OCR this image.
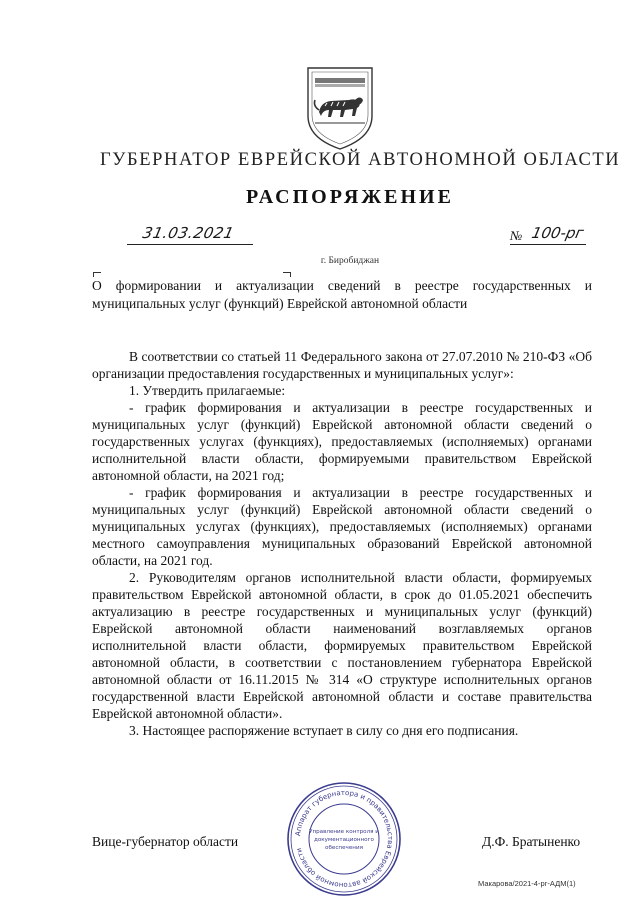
ГУБЕРНАТОР ЕВРЕЙСКОЙ АВТОНОМНОЙ ОБЛАСТИ
РАСПОРЯЖЕНИЕ
31.03.2021	№ 100-рг
г. Биробиджан
О формировании и актуализации сведений в реестре государственных и муниципальных услуг (функций) Еврейской автономной области

В соответствии со статьей 11 Федерального закона от 27.07.2010 № 210-ФЗ «Об организации предоставления государственных и муниципальных услуг»:

1. Утвердить прилагаемые:

- график формирования и актуализации в реестре государственных и муниципальных услуг (функций) Еврейской автономной области сведений о государственных услугах (функциях), предоставляемых (исполняемых) органами исполнительной власти области, формируемыми правительством Еврейской автономной области, на 2021 год;

- график формирования и актуализации в реестре государственных и муниципальных услуг (функций) Еврейской автономной области сведений о муниципальных услугах (функциях), предоставляемых (исполняемых) органами местного самоуправления муниципальных образований Еврейской автономной области, на 2021 год.

2. Руководителям органов исполнительной власти области, формируемых правительством Еврейской автономной области, в срок до 01.05.2021 обеспечить актуализацию в реестре государственных и муниципальных услуг (функций) Еврейской автономной области наименований возглавляемых органов исполнительной власти области, формируемых правительством Еврейской автономной области, в соответствии с постановлением губернатора Еврейской автономной области от 16.11.2015 № 314 «О структуре исполнительных органов государственной власти Еврейской автономной области и составе правительства Еврейской автономной области».

3. Настоящее распоряжение вступает в силу со дня его подписания.

Вице-губернатор области	Д.Ф. Братыненко
Аппарат губернатора и правительства Еврейской автономной области
Управление контроля и
документационного
обеспечения
Макарова/2021-4-рг-АДМ(1)
